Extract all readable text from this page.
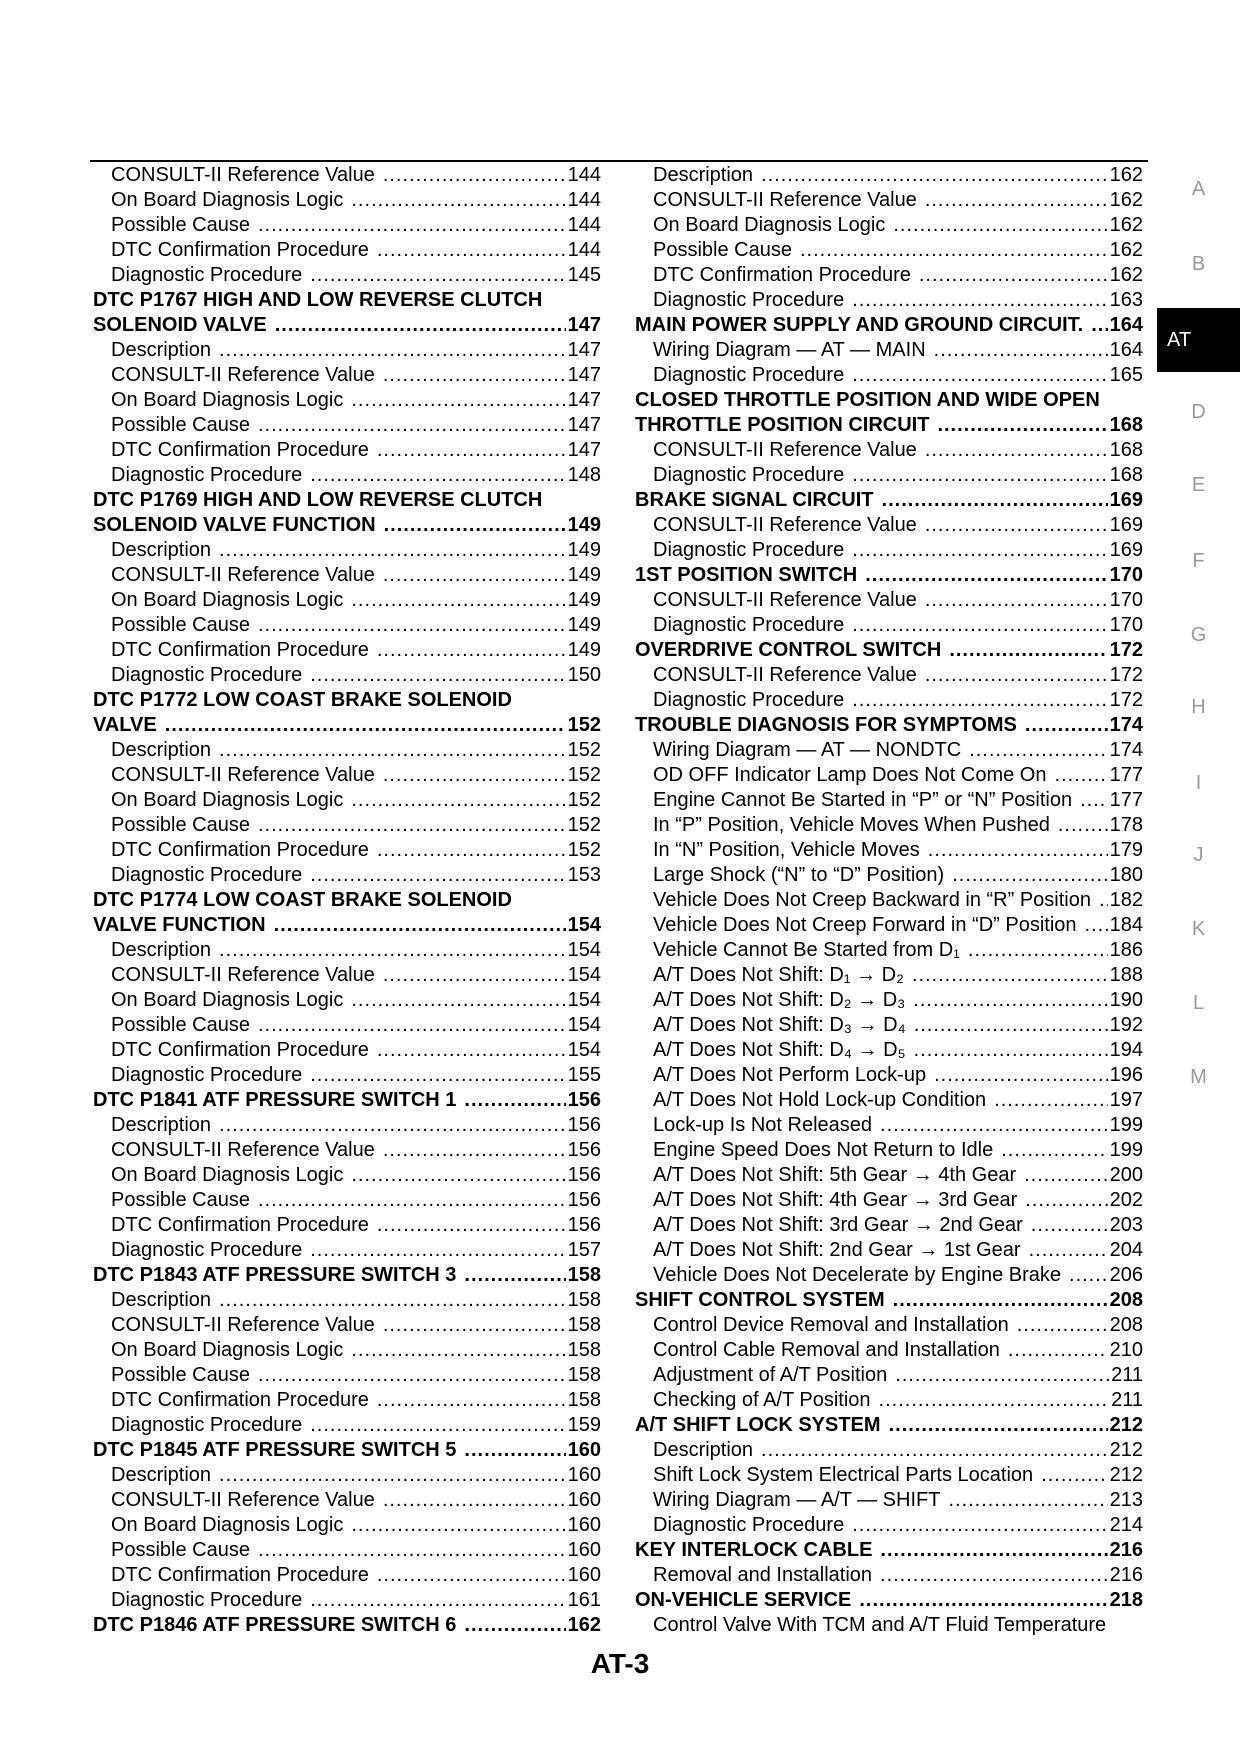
CONSULT-II Reference Value .....	144
On Board Diagnosis Logic .....	144
Possible Cause .....	144
DTC Confirmation Procedure .....	144
Diagnostic Procedure .....	145
DTC P1767 HIGH AND LOW REVERSE CLUTCH
SOLENOID VALVE .....	147
Description .....	147
CONSULT-II Reference Value .....	147
On Board Diagnosis Logic .....	147
Possible Cause .....	147
DTC Confirmation Procedure .....	147
Diagnostic Procedure .....	148
DTC P1769 HIGH AND LOW REVERSE CLUTCH
SOLENOID VALVE FUNCTION .....	149
Description .....	149
CONSULT-II Reference Value .....	149
On Board Diagnosis Logic .....	149
Possible Cause .....	149
DTC Confirmation Procedure .....	149
Diagnostic Procedure .....	150
DTC P1772 LOW COAST BRAKE SOLENOID
VALVE .....	152
Description .....	152
CONSULT-II Reference Value .....	152
On Board Diagnosis Logic .....	152
Possible Cause .....	152
DTC Confirmation Procedure .....	152
Diagnostic Procedure .....	153
DTC P1774 LOW COAST BRAKE SOLENOID
VALVE FUNCTION .....	154
Description .....	154
CONSULT-II Reference Value .....	154
On Board Diagnosis Logic .....	154
Possible Cause .....	154
DTC Confirmation Procedure .....	154
Diagnostic Procedure .....	155
DTC P1841 ATF PRESSURE SWITCH 1 .....	156
Description .....	156
CONSULT-II Reference Value .....	156
On Board Diagnosis Logic .....	156
Possible Cause .....	156
DTC Confirmation Procedure .....	156
Diagnostic Procedure .....	157
DTC P1843 ATF PRESSURE SWITCH 3 .....	158
Description .....	158
CONSULT-II Reference Value .....	158
On Board Diagnosis Logic .....	158
Possible Cause .....	158
DTC Confirmation Procedure .....	158
Diagnostic Procedure .....	159
DTC P1845 ATF PRESSURE SWITCH 5 .....	160
Description .....	160
CONSULT-II Reference Value .....	160
On Board Diagnosis Logic .....	160
Possible Cause .....	160
DTC Confirmation Procedure .....	160
Diagnostic Procedure .....	161
DTC P1846 ATF PRESSURE SWITCH 6 .....	162
Description .....	162
CONSULT-II Reference Value .....	162
On Board Diagnosis Logic .....	162
Possible Cause .....	162
DTC Confirmation Procedure .....	162
Diagnostic Procedure .....	163
MAIN POWER SUPPLY AND GROUND CIRCUIT. ..... 164
Wiring Diagram — AT — MAIN .....	164
Diagnostic Procedure .....	165
CLOSED THROTTLE POSITION AND WIDE OPEN
THROTTLE POSITION CIRCUIT .....	168
CONSULT-II Reference Value .....	168
Diagnostic Procedure .....	168
BRAKE SIGNAL CIRCUIT .....	169
CONSULT-II Reference Value .....	169
Diagnostic Procedure .....	169
1ST POSITION SWITCH .....	170
CONSULT-II Reference Value .....	170
Diagnostic Procedure .....	170
OVERDRIVE CONTROL SWITCH .....	172
CONSULT-II Reference Value .....	172
Diagnostic Procedure .....	172
TROUBLE DIAGNOSIS FOR SYMPTOMS .....	174
Wiring Diagram — AT — NONDTC .....	174
OD OFF Indicator Lamp Does Not Come On .....	177
Engine Cannot Be Started in “P” or “N” Position ..... 177
In “P” Position, Vehicle Moves When Pushed .....	178
In “N” Position, Vehicle Moves .....	179
Large Shock (“N” to “D” Position) .....	180
Vehicle Does Not Creep Backward in “R” Position ..... 182
Vehicle Does Not Creep Forward in “D” Position ..... 184
Vehicle Cannot Be Started from D₁ .....	186
A/T Does Not Shift: D₁ → D₂ .....	188
A/T Does Not Shift: D₂ → D₃ .....	190
A/T Does Not Shift: D₃ → D₄ .....	192
A/T Does Not Shift: D₄ → D₅ .....	194
A/T Does Not Perform Lock-up .....	196
A/T Does Not Hold Lock-up Condition .....	197
Lock-up Is Not Released .....	199
Engine Speed Does Not Return to Idle .....	199
A/T Does Not Shift: 5th Gear → 4th Gear .....	200
A/T Does Not Shift: 4th Gear → 3rd Gear .....	202
A/T Does Not Shift: 3rd Gear → 2nd Gear .....	203
A/T Does Not Shift: 2nd Gear → 1st Gear .....	204
Vehicle Does Not Decelerate by Engine Brake ..... 206
SHIFT CONTROL SYSTEM .....	208
Control Device Removal and Installation .....	208
Control Cable Removal and Installation .....	210
Adjustment of A/T Position .....	211
Checking of A/T Position .....	211
A/T SHIFT LOCK SYSTEM .....	212
Description .....	212
Shift Lock System Electrical Parts Location .....	212
Wiring Diagram — A/T — SHIFT .....	213
Diagnostic Procedure .....	214
KEY INTERLOCK CABLE .....	216
Removal and Installation .....	216
ON-VEHICLE SERVICE .....	218
Control Valve With TCM and A/T Fluid Temperature
A
B
AT
D
E
F
G
H
I
J
K
L
M
AT-3
